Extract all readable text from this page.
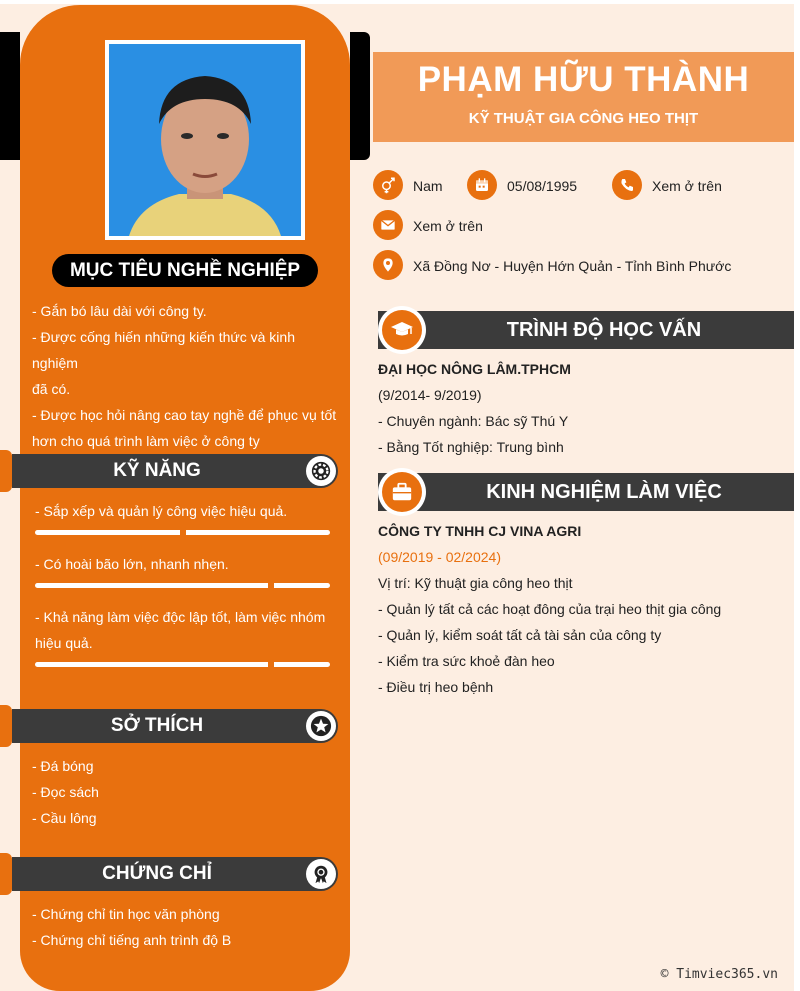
MỤC TIÊU NGHỀ NGHIỆP
- Gắn bó lâu dài với công ty.
- Được cống hiến những kiến thức và kinh nghiệm
đã có.
- Được học hỏi nâng cao tay nghề để phục vụ tốt
hơn cho quá trình làm việc ở công ty
KỸ NĂNG
- Sắp xếp và quản lý công việc hiệu quả.
- Có hoài bão lớn, nhanh nhẹn.
- Khả năng làm việc độc lập tốt, làm việc nhóm hiệu quả.
SỞ THÍCH
- Đá bóng
- Đọc sách
- Cầu lông
CHỨNG CHỈ
- Chứng chỉ tin học văn phòng
- Chứng chỉ tiếng anh trình độ B
PHẠM HỮU THÀNH
KỸ THUẬT GIA CÔNG HEO THỊT
Nam	05/08/1995	Xem ở trên
Xem ở trên
Xã Đồng Nơ - Huyện Hớn Quản - Tỉnh Bình Phước
TRÌNH ĐỘ HỌC VẤN
ĐẠI HỌC NÔNG LÂM.TPHCM
(9/2014- 9/2019)
- Chuyên ngành: Bác sỹ Thú Y
- Bằng Tốt nghiệp: Trung bình
KINH NGHIỆM LÀM VIỆC
CÔNG TY TNHH CJ VINA AGRI
(09/2019 - 02/2024)
Vị trí: Kỹ thuật gia công heo thịt
- Quản lý tất cả các hoạt đông của trại heo thịt gia công
- Quản lý, kiểm soát tất cả tài sản của công ty
- Kiểm tra sức khoẻ đàn heo
- Điều trị heo bệnh
© Timviec365.vn
